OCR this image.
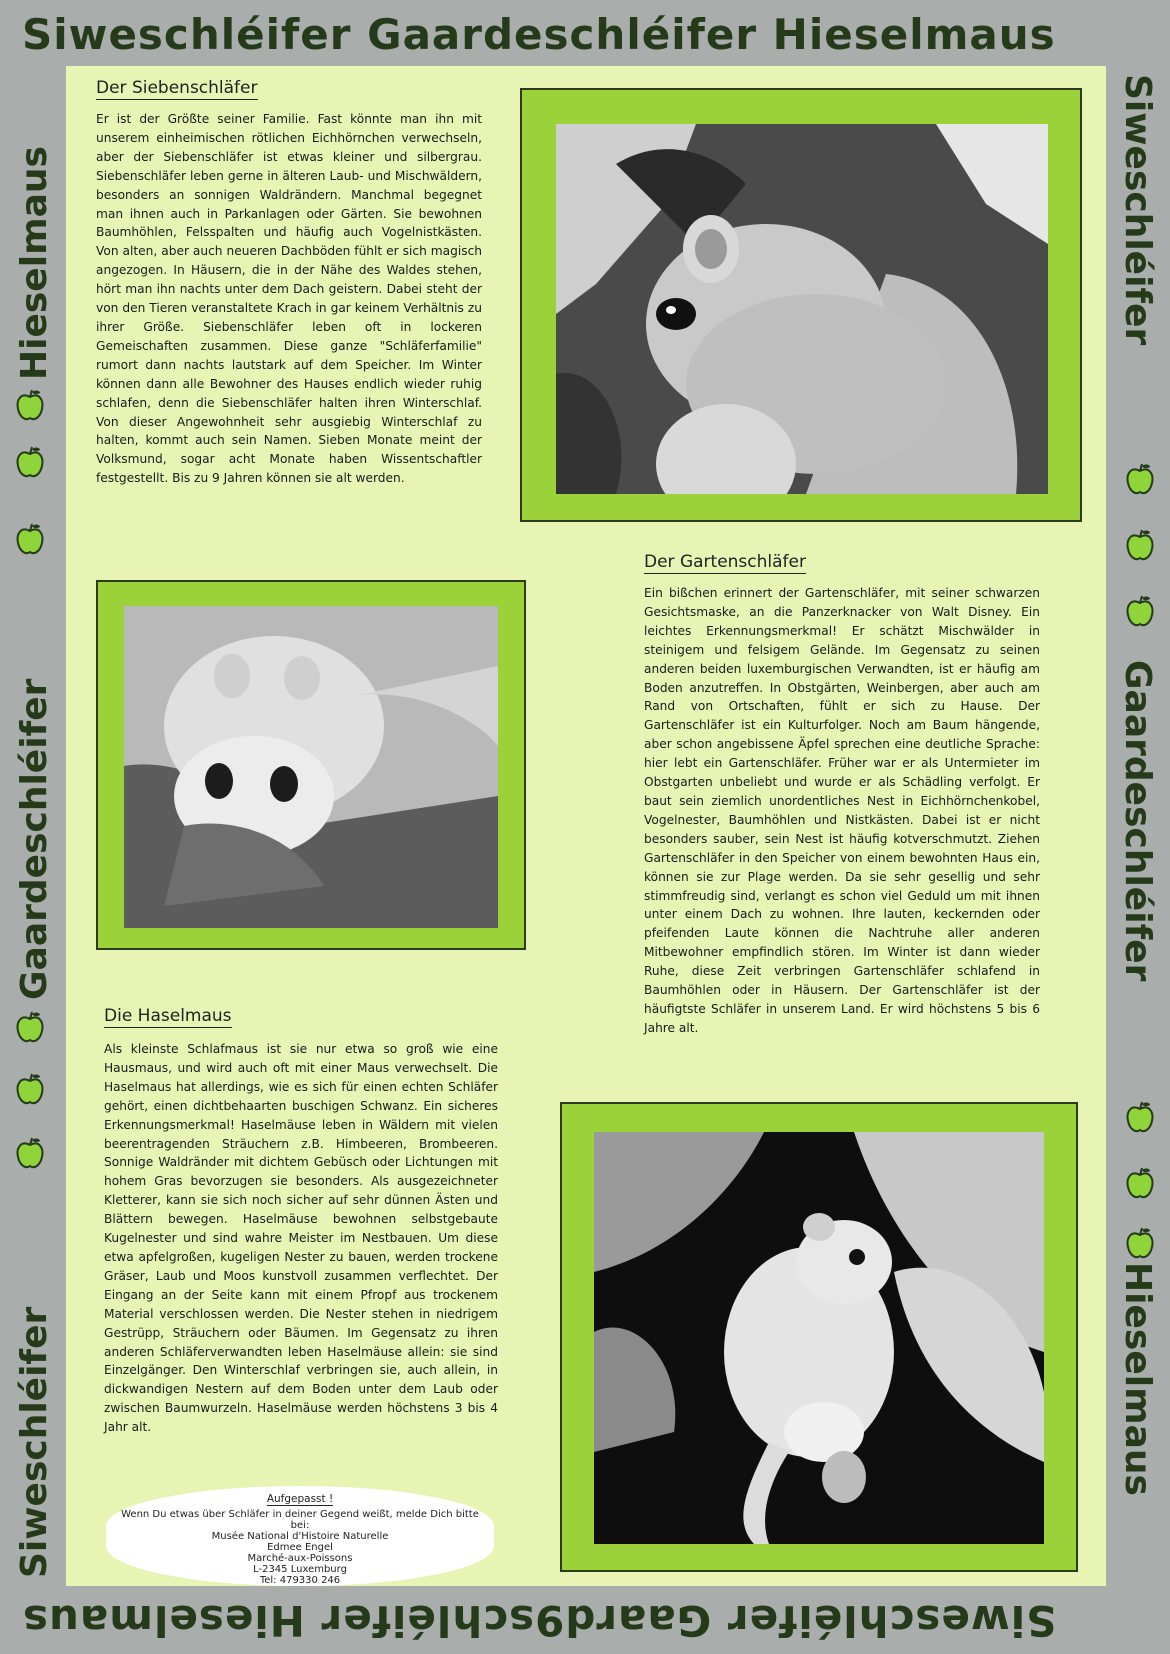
Siweschléifer Gaardeschléifer Hieselmaus
Hieselmaus
Gaardeschléifer
Siweschléifer
Siweschléifer
Gaardeschléifer
Hieselmaus
Siweschléifer Gaard9schléifer Hieselmaus
Der Siebenschläfer

Er ist der Größte seiner Familie. Fast könnte man ihn mit unserem einheimischen rötlichen Eichhörnchen verwechseln, aber der Siebenschläfer ist etwas kleiner und silbergrau. Siebenschläfer leben gerne in älteren Laub- und Mischwäldern, besonders an sonnigen Waldrändern. Manchmal begegnet man ihnen auch in Parkanlagen oder Gärten. Sie bewohnen Baumhöhlen, Felsspalten und häufig auch Vogelnistkästen. Von alten, aber auch neueren Dachböden fühlt er sich magisch angezogen. In Häusern, die in der Nähe des Waldes stehen, hört man ihn nachts unter dem Dach geistern. Dabei steht der von den Tieren veranstaltete Krach in gar keinem Verhältnis zu ihrer Größe. Siebenschläfer leben oft in lockeren Gemeischaften zusammen. Diese ganze "Schläferfamilie" rumort dann nachts lautstark auf dem Speicher. Im Winter können dann alle Bewohner des Hauses endlich wieder ruhig schlafen, denn die Siebenschläfer halten ihren Winterschlaf. Von dieser Angewohnheit sehr ausgiebig Winterschlaf zu halten, kommt auch sein Namen. Sieben Monate meint der Volksmund, sogar acht Monate haben Wissentschaftler festgestellt. Bis zu 9 Jahren können sie alt werden.

Der Gartenschläfer

Ein bißchen erinnert der Gartenschläfer, mit seiner schwarzen Gesichtsmaske, an die Panzerknacker von Walt Disney. Ein leichtes Erkennungsmerkmal! Er schätzt Mischwälder in steinigem und felsigem Gelände. Im Gegensatz zu seinen anderen beiden luxemburgischen Verwandten, ist er häufig am Boden anzutreffen. In Obstgärten, Weinbergen, aber auch am Rand von Ortschaften, fühlt er sich zu Hause. Der Gartenschläfer ist ein Kulturfolger. Noch am Baum hängende, aber schon angebissene Äpfel sprechen eine deutliche Sprache: hier lebt ein Gartenschläfer. Früher war er als Untermieter im Obstgarten unbeliebt und wurde er als Schädling verfolgt. Er baut sein ziemlich unordentliches Nest in Eichhörnchenkobel, Vogelnester, Baumhöhlen und Nistkästen. Dabei ist er nicht besonders sauber, sein Nest ist häufig kotverschmutzt. Ziehen Gartenschläfer in den Speicher von einem bewohnten Haus ein, können sie zur Plage werden. Da sie sehr gesellig und sehr stimmfreudig sind, verlangt es schon viel Geduld um mit ihnen unter einem Dach zu wohnen. Ihre lauten, keckernden oder pfeifenden Laute können die Nachtruhe aller anderen Mitbewohner empfindlich stören. Im Winter ist dann wieder Ruhe, diese Zeit verbringen Gartenschläfer schlafend in Baumhöhlen oder in Häusern. Der Gartenschläfer ist der häufigtste Schläfer in unserem Land. Er wird höchstens 5 bis 6 Jahre alt.

Die Haselmaus

Als kleinste Schlafmaus ist sie nur etwa so groß wie eine Hausmaus, und wird auch oft mit einer Maus verwechselt. Die Haselmaus hat allerdings, wie es sich für einen echten Schläfer gehört, einen dichtbehaarten buschigen Schwanz. Ein sicheres Erkennungsmerkmal! Haselmäuse leben in Wäldern mit vielen beerentragenden Sträuchern z.B. Himbeeren, Brombeeren. Sonnige Waldränder mit dichtem Gebüsch oder Lichtungen mit hohem Gras bevorzugen sie besonders. Als ausgezeichneter Kletterer, kann sie sich noch sicher auf sehr dünnen Ästen und Blättern bewegen. Haselmäuse bewohnen selbstgebaute Kugelnester und sind wahre Meister im Nestbauen. Um diese etwa apfelgroßen, kugeligen Nester zu bauen, werden trockene Gräser, Laub und Moos kunstvoll zusammen verflechtet. Der Eingang an der Seite kann mit einem Pfropf aus trockenem Material verschlossen werden. Die Nester stehen in niedrigem Gestrüpp, Sträuchern oder Bäumen. Im Gegensatz zu ihren anderen Schläferverwandten leben Haselmäuse allein: sie sind Einzelgänger. Den Winterschlaf verbringen sie, auch allein, in dickwandigen Nestern auf dem Boden unter dem Laub oder zwischen Baumwurzeln. Haselmäuse werden höchstens 3 bis 4 Jahr alt.

Aufgepasst !
Wenn Du etwas über Schläfer in deiner Gegend weißt, melde Dich bitte
bei:
Musée National d'Histoire Naturelle
Edmee Engel
Marché-aux-Poissons
L-2345 Luxemburg
Tel: 479330 246
